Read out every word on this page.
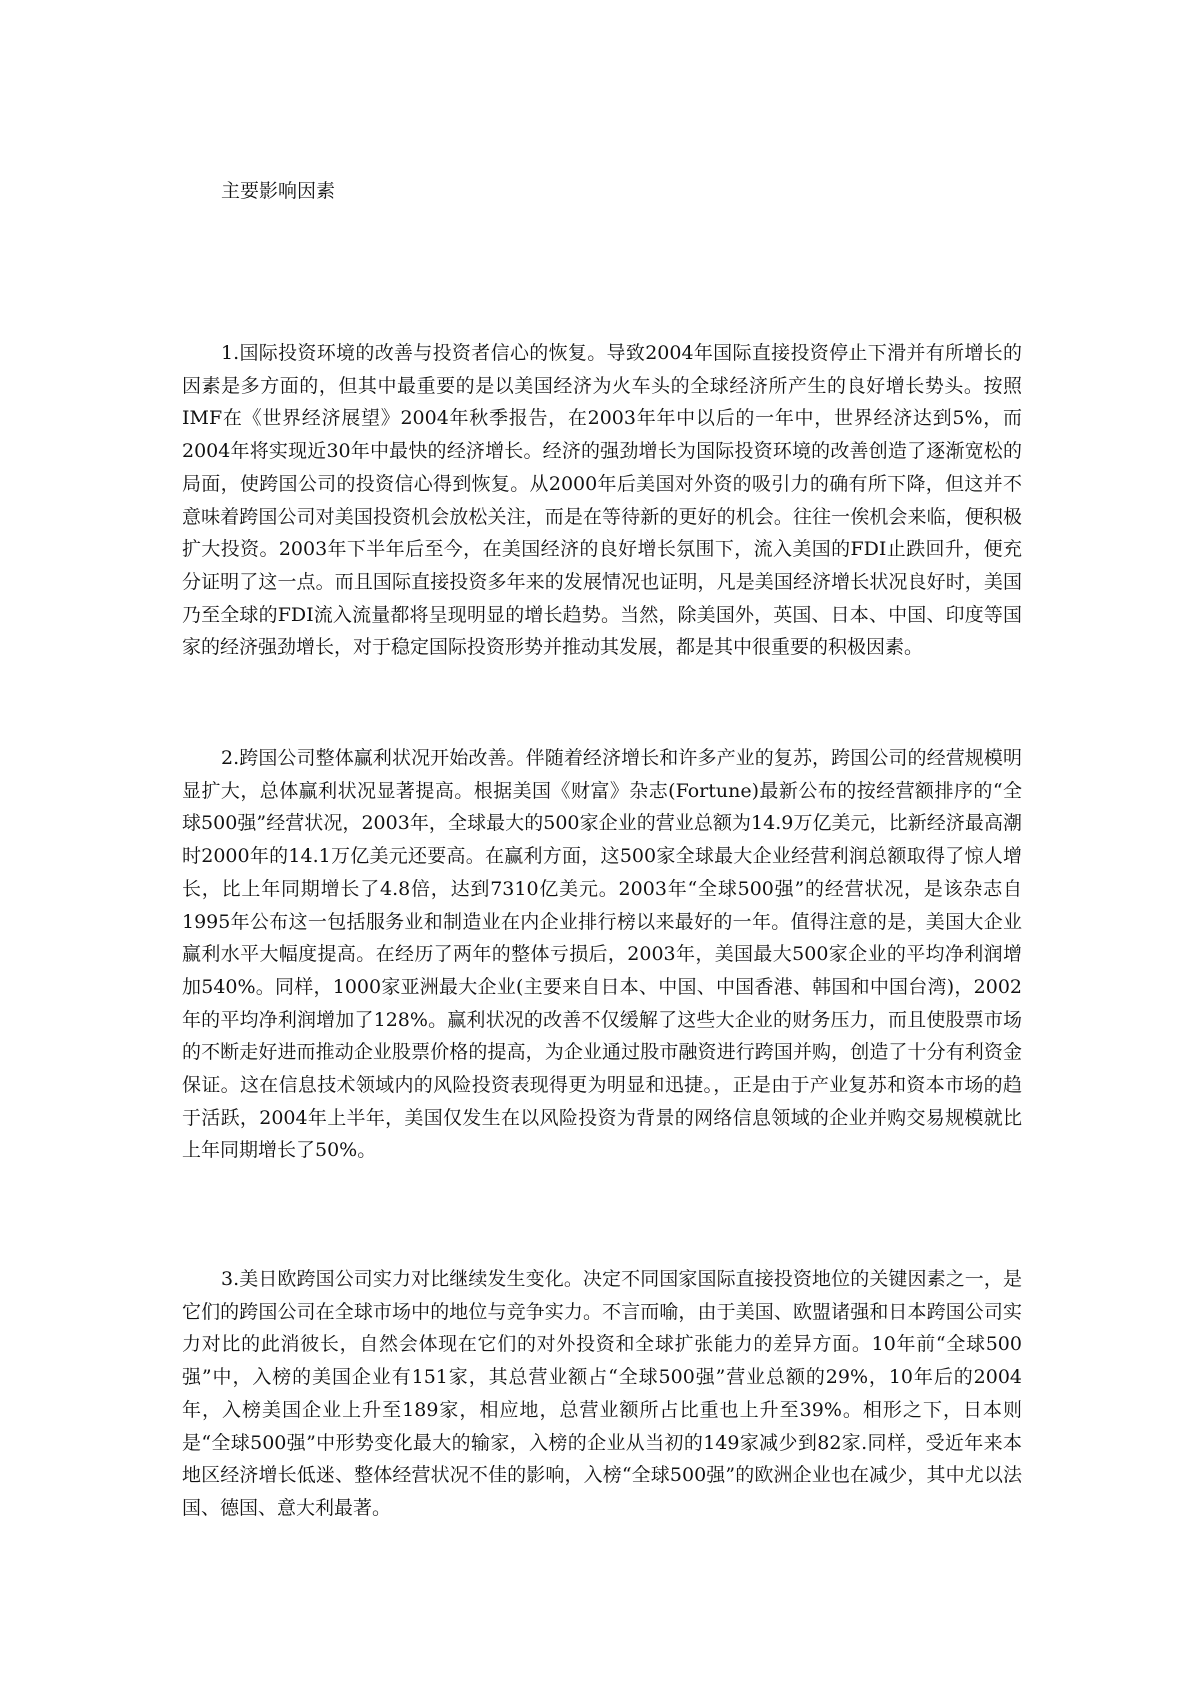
主要影响因素

1.国际投资环境的改善与投资者信心的恢复。导致2004年国际直接投资停止下滑并有所增长的因素是多方面的，但其中最重要的是以美国经济为火车头的全球经济所产生的良好增长势头。按照IMF在《世界经济展望》2004年秋季报告，在2003年年中以后的一年中，世界经济达到5%，而2004年将实现近30年中最快的经济增长。经济的强劲增长为国际投资环境的改善创造了逐渐宽松的局面，使跨国公司的投资信心得到恢复。从2000年后美国对外资的吸引力的确有所下降，但这并不意味着跨国公司对美国投资机会放松关注，而是在等待新的更好的机会。往往一俟机会来临，便积极扩大投资。2003年下半年后至今，在美国经济的良好增长氛围下，流入美国的FDI止跌回升，便充分证明了这一点。而且国际直接投资多年来的发展情况也证明，凡是美国经济增长状况良好时，美国乃至全球的FDI流入流量都将呈现明显的增长趋势。当然，除美国外，英国、日本、中国、印度等国家的经济强劲增长，对于稳定国际投资形势并推动其发展，都是其中很重要的积极因素。

2.跨国公司整体赢利状况开始改善。伴随着经济增长和许多产业的复苏，跨国公司的经营规模明显扩大，总体赢利状况显著提高。根据美国《财富》杂志(Fortune)最新公布的按经营额排序的“全球500强”经营状况，2003年，全球最大的500家企业的营业总额为14.9万亿美元，比新经济最高潮时2000年的14.1万亿美元还要高。在赢利方面，这500家全球最大企业经营利润总额取得了惊人增长，比上年同期增长了4.8倍，达到7310亿美元。2003年“全球500强”的经营状况，是该杂志自1995年公布这一包括服务业和制造业在内企业排行榜以来最好的一年。值得注意的是，美国大企业赢利水平大幅度提高。在经历了两年的整体亏损后，2003年，美国最大500家企业的平均净利润增加540%。同样，1000家亚洲最大企业(主要来自日本、中国、中国香港、韩国和中国台湾)，2002年的平均净利润增加了128%。赢利状况的改善不仅缓解了这些大企业的财务压力，而且使股票市场的不断走好进而推动企业股票价格的提高，为企业通过股市融资进行跨国并购，创造了十分有利资金保证。这在信息技术领域内的风险投资表现得更为明显和迅捷。，正是由于产业复苏和资本市场的趋于活跃，2004年上半年，美国仅发生在以风险投资为背景的网络信息领域的企业并购交易规模就比上年同期增长了50%。

3.美日欧跨国公司实力对比继续发生变化。决定不同国家国际直接投资地位的关键因素之一，是它们的跨国公司在全球市场中的地位与竞争实力。不言而喻，由于美国、欧盟诸强和日本跨国公司实力对比的此消彼长，自然会体现在它们的对外投资和全球扩张能力的差异方面。10年前“全球500强”中，入榜的美国企业有151家，其总营业额占“全球500强”营业总额的29%，10年后的2004年，入榜美国企业上升至189家，相应地，总营业额所占比重也上升至39%。相形之下，日本则是“全球500强”中形势变化最大的输家，入榜的企业从当初的149家减少到82家.同样，受近年来本地区经济增长低迷、整体经营状况不佳的影响，入榜“全球500强”的欧洲企业也在减少，其中尤以法国、德国、意大利最著。
